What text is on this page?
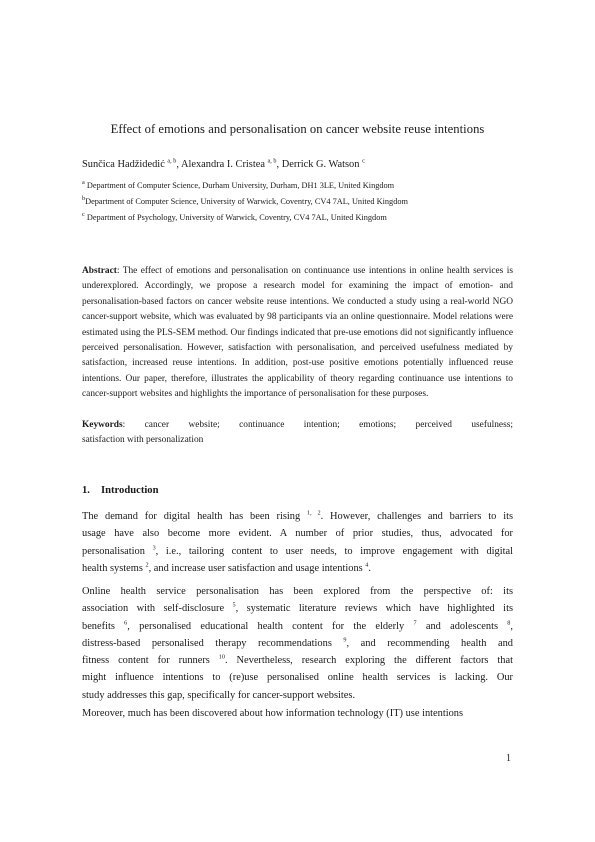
Effect of emotions and personalisation on cancer website reuse intentions
Sunčica Hadžidedić $^{a, b}$, Alexandra I. Cristea $^{a, b}$, Derrick G. Watson $^c$
$^a$ Department of Computer Science, Durham University, Durham, DH1 3LE, United Kingdom
$^b$Department of Computer Science, University of Warwick, Coventry, CV4 7AL, United Kingdom
$^c$ Department of Psychology, University of Warwick, Coventry, CV4 7AL, United Kingdom
Abstract: The effect of emotions and personalisation on continuance use intentions in online health services is underexplored. Accordingly, we propose a research model for examining the impact of emotion- and personalisation-based factors on cancer website reuse intentions. We conducted a study using a real-world NGO cancer-support website, which was evaluated by 98 participants via an online questionnaire. Model relations were estimated using the PLS-SEM method. Our findings indicated that pre-use emotions did not significantly influence perceived personalisation. However, satisfaction with personalisation, and perceived usefulness mediated by satisfaction, increased reuse intentions. In addition, post-use positive emotions potentially influenced reuse intentions. Our paper, therefore, illustrates the applicability of theory regarding continuance use intentions to cancer-support websites and highlights the importance of personalisation for these purposes.
Keywords: cancer website; continuance intention; emotions; perceived usefulness;
satisfaction with personalization
1. Introduction
The demand for digital health has been rising $^{1, 2}$. However, challenges and barriers to its
usage have also become more evident. A number of prior studies, thus, advocated for
personalisation $^3$, i.e., tailoring content to user needs, to improve engagement with digital
health systems $^2$, and increase user satisfaction and usage intentions $^4$.
Online health service personalisation has been explored from the perspective of: its
association with self-disclosure $^5$, systematic literature reviews which have highlighted its
benefits $^6$, personalised educational health content for the elderly $^7$ and adolescents $^8$,
distress-based personalised therapy recommendations $^9$, and recommending health and
fitness content for runners $^{10}$. Nevertheless, research exploring the different factors that
might influence intentions to (re)use personalised online health services is lacking. Our
study addresses this gap, specifically for cancer-support websites.
Moreover, much has been discovered about how information technology (IT) use intentions
1
